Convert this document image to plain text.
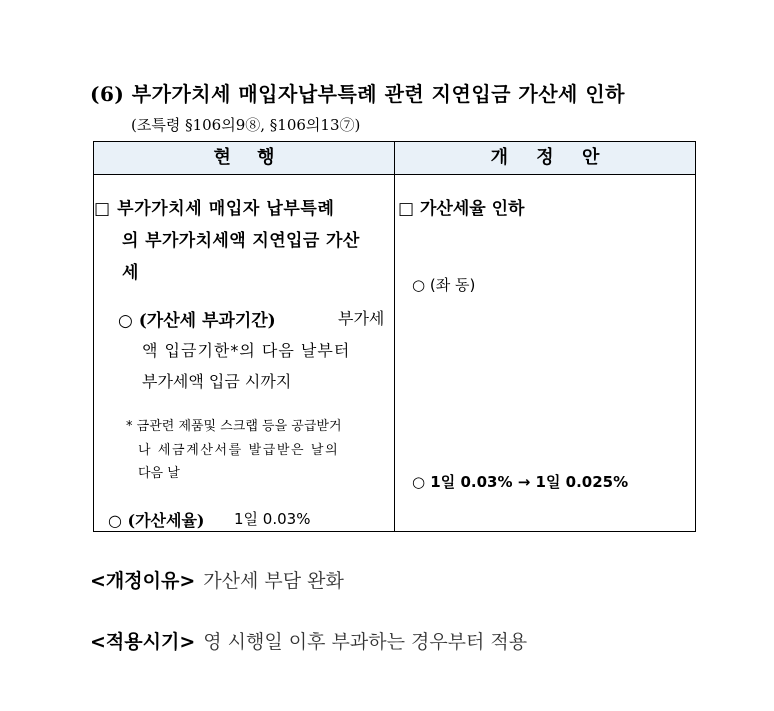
(6) 부가가치세 매입자납부특례 관련 지연입금 가산세 인하
(조특령 §106의9⑧, §106의13⑦)
현 행	개 정 안
□ 부가가치세 매입자 납부특례
의 부가가치세액 지연입금 가산
세
○ (가산세 부과기간)	부가세
액 입금기한*의 다음 날부터
부가세액 입금 시까지
* 금관련 제품및 스크랩 등을 공급받거
나 세금계산서를 발급받은 날의
다음 날
○ (가산세율) 1일 0.03%
□ 가산세율 인하
○ (좌 동)
○ 1일 0.03% → 1일 0.025%
<개정이유> 가산세 부담 완화
<적용시기> 영 시행일 이후 부과하는 경우부터 적용
